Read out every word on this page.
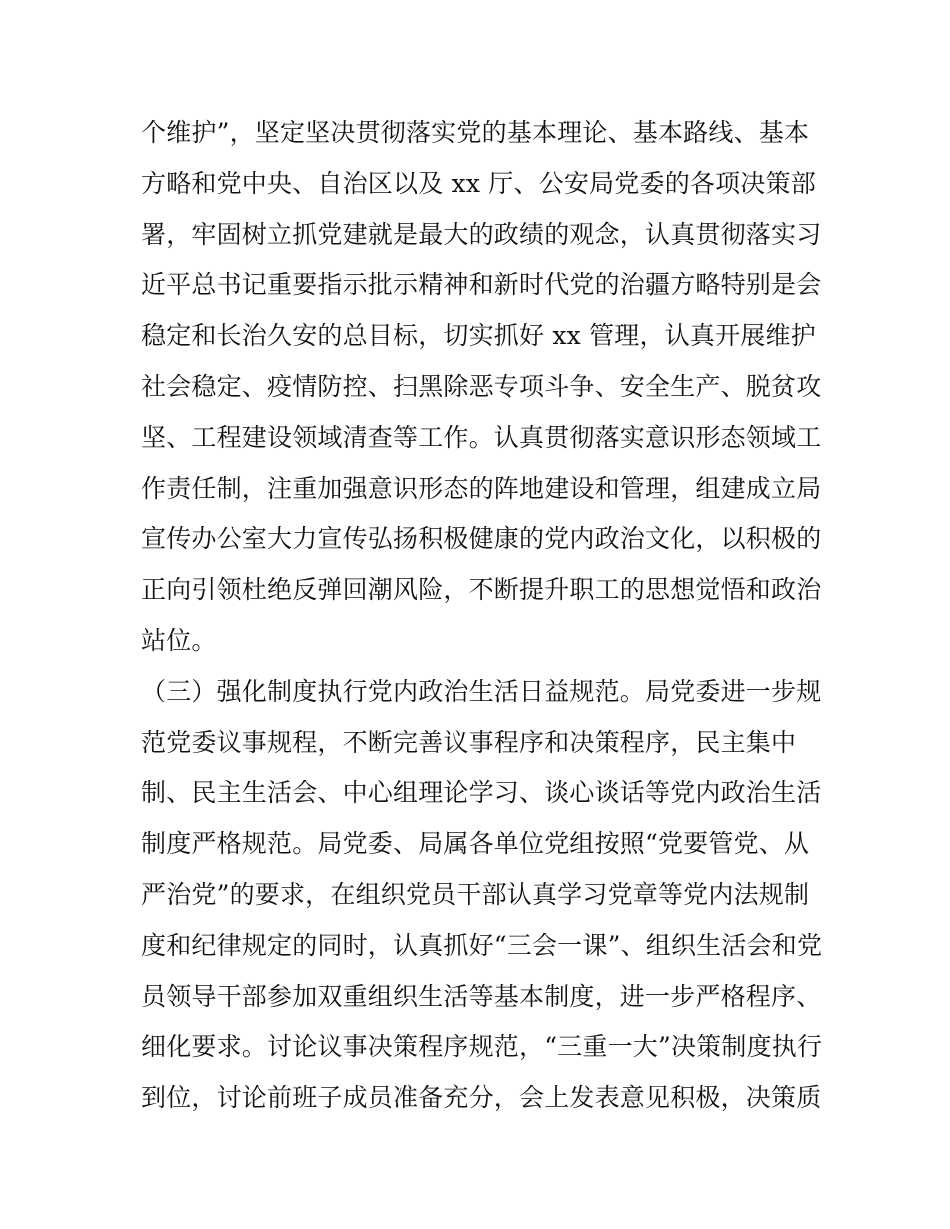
个维护”，坚定坚决贯彻落实党的基本理论、基本路线、基本
方略和党中央、自治区以及 xx 厅、公安局党委的各项决策部
署，牢固树立抓党建就是最大的政绩的观念，认真贯彻落实习
近平总书记重要指示批示精神和新时代党的治疆方略特别是会
稳定和长治久安的总目标，切实抓好 xx 管理，认真开展维护
社会稳定、疫情防控、扫黑除恶专项斗争、安全生产、脱贫攻
坚、工程建设领域清查等工作。认真贯彻落实意识形态领域工
作责任制，注重加强意识形态的阵地建设和管理，组建成立局
宣传办公室大力宣传弘扬积极健康的党内政治文化，以积极的
正向引领杜绝反弹回潮风险，不断提升职工的思想觉悟和政治
站位。
（三）强化制度执行党内政治生活日益规范。局党委进一步规
范党委议事规程，不断完善议事程序和决策程序，民主集中
制、民主生活会、中心组理论学习、谈心谈话等党内政治生活
制度严格规范。局党委、局属各单位党组按照“党要管党、从
严治党”的要求，在组织党员干部认真学习党章等党内法规制
度和纪律规定的同时，认真抓好“三会一课”、组织生活会和党
员领导干部参加双重组织生活等基本制度，进一步严格程序、
细化要求。讨论议事决策程序规范，“三重一大”决策制度执行
到位，讨论前班子成员准备充分，会上发表意见积极，决策质
